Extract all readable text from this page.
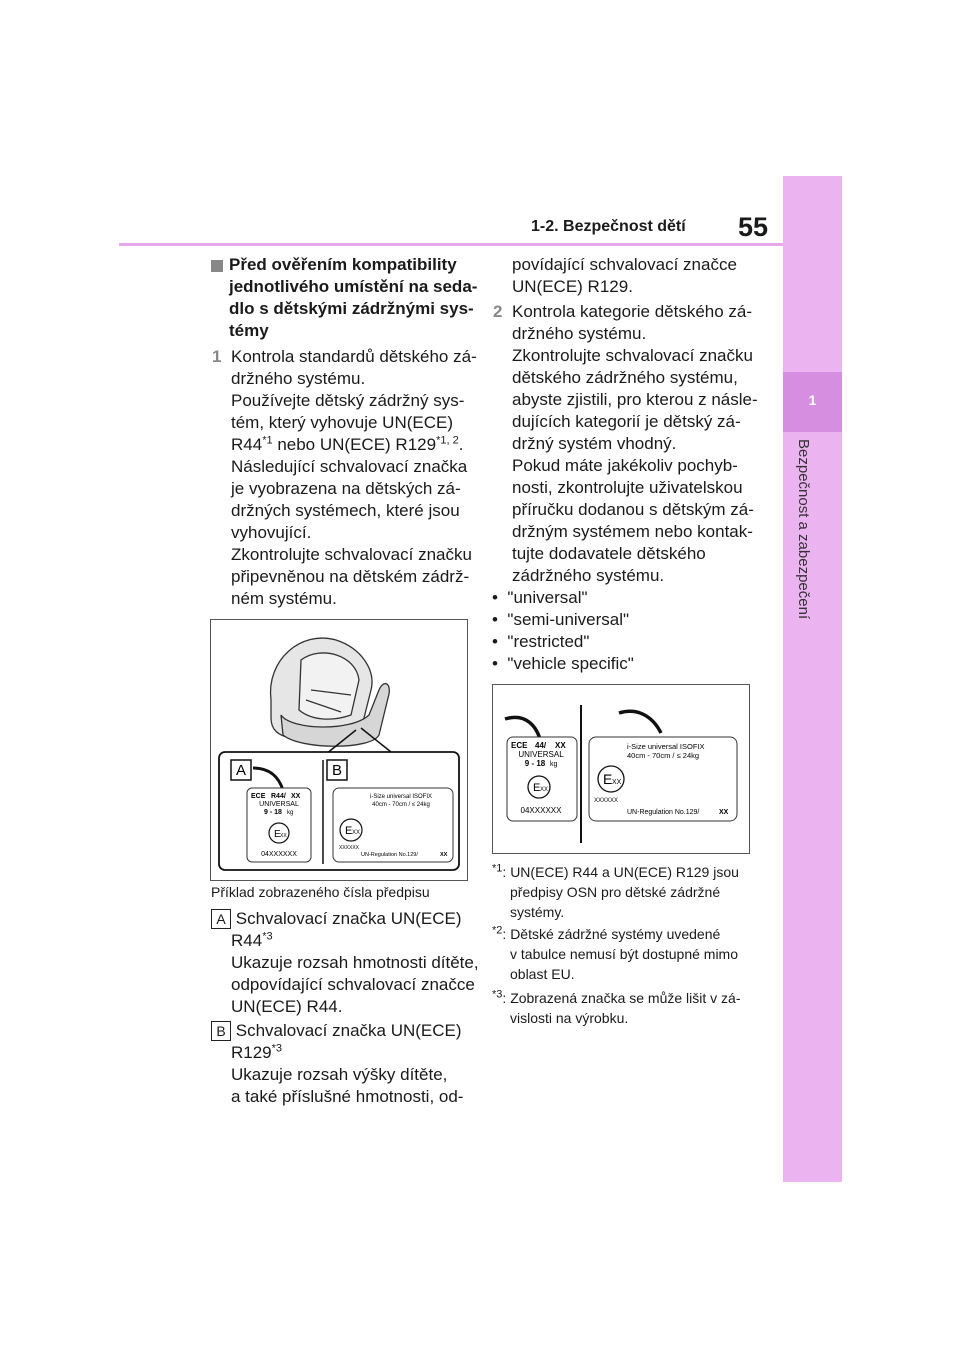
1-2. Bezpečnost dětí 55
1
Bezpečnost a zabezpečení
Před ověřením kompatibility
jednotlivého umístění na seda-
dlo s dětskými zádržnými sys-
témy
1 Kontrola standardů dětského zá-
držného systému.
Používejte dětský zádržný sys-
tém, který vyhovuje UN(ECE)
R44$^{*1}$ nebo UN(ECE) R129$^{*1, 2}$.
Následující schvalovací značka
je vyobrazena na dětských zá-
držných systémech, které jsou
vyhovující.
Zkontrolujte schvalovací značku
připevněnou na dětském zádrž-
ném systému.
A	B
ECE R44/ XX
UNIVERSAL
9 - 18 kg
E XX
04XXXXXX
i-Size universal ISOFIX
40cm - 70cm / ≤ 24kg
E XX
XXXXXX
UN-Regulation No.129/	XX
Příklad zobrazeného čísla předpisu
A Schvalovací značka UN(ECE)
R44$^{*3}$
Ukazuje rozsah hmotnosti dítěte,
odpovídající schvalovací značce
UN(ECE) R44.
B Schvalovací značka UN(ECE)
R129$^{*3}$
Ukazuje rozsah výšky dítěte,
a také příslušné hmotnosti, od-
povídající schvalovací značce
UN(ECE) R129.
2 Kontrola kategorie dětského zá-
držného systému.
Zkontrolujte schvalovací značku
dětského zádržného systému,
abyste zjistili, pro kterou z násle-
dujících kategorií je dětský zá-
držný systém vhodný.
Pokud máte jakékoliv pochyb-
nosti, zkontrolujte uživatelskou
příručku dodanou s dětským zá-
držným systémem nebo kontak-
tujte dodavatele dětského
zádržného systému.
• "universal"
• "semi-universal"
• "restricted"
• "vehicle specific"
ECE 44/ XX
UNIVERSAL
9 - 18 kg
E XX
04XXXXXX
i-Size universal ISOFIX
40cm - 70cm / ≤ 24kg
E XX
XXXXXX
UN-Regulation No.129/	XX
$^{*1}$: UN(ECE) R44 a UN(ECE) R129 jsou
předpisy OSN pro dětské zádržné
systémy.
$^{*2}$: Dětské zádržné systémy uvedené
v tabulce nemusí být dostupné mimo
oblast EU.
$^{*3}$: Zobrazená značka se může lišit v zá-
vislosti na výrobku.
